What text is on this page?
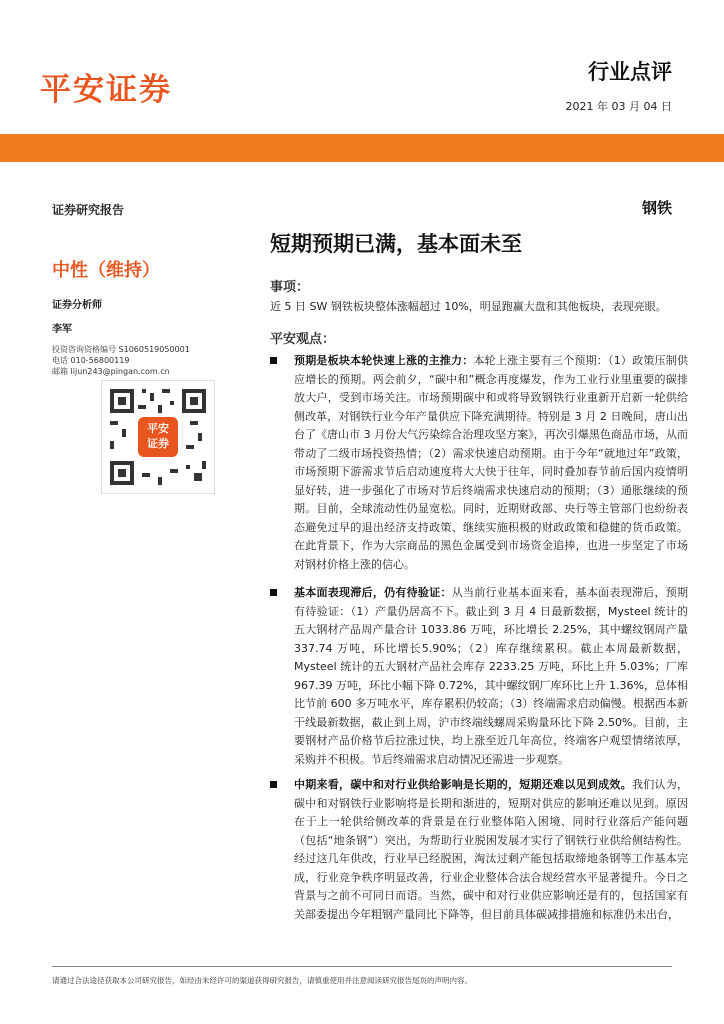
平安证券	行业点评
2021 年 03 月 04 日
证券研究报告	钢铁
中性（维持）
短期预期已满，基本面未至
证券分析师
李军
投资咨询资格编号 S1060519050001
电话 010-56800119
邮箱 lijun243@pingan.com.cn
平安
证券
事项：

近 5 日 SW 钢铁板块整体涨幅超过 10%，明显跑赢大盘和其他板块，表现亮眼。

平安观点：
预期是板块本轮快速上涨的主推力：本轮上涨主要有三个预期：（1）政策压制供应增长的预期。两会前夕，“碳中和”概念再度爆发，作为工业行业里重要的碳排放大户，受到市场关注。市场预期碳中和或将导致钢铁行业重新开启新一轮供给侧改革，对钢铁行业今年产量供应下降充满期待。特别是 3 月 2 日晚间，唐山出台了《唐山市 3 月份大气污染综合治理攻坚方案》，再次引爆黑色商品市场，从而带动了二级市场投资热情；（2）需求快速启动预期。由于今年“就地过年”政策，市场预期下游需求节后启动速度将大大快于往年，同时叠加春节前后国内疫情明显好转，进一步强化了市场对节后终端需求快速启动的预期；（3）通胀继续的预期。目前，全球流动性仍显宽松。同时，近期财政部、央行等主管部门也纷纷表态避免过早的退出经济支持政策、继续实施积极的财政政策和稳健的货币政策。在此背景下，作为大宗商品的黑色金属受到市场资金追捧，也进一步坚定了市场对钢材价格上涨的信心。
基本面表现滞后，仍有待验证：从当前行业基本面来看，基本面表现滞后，预期有待验证：（1）产量仍居高不下。截止到 3 月 4 日最新数据，Mysteel 统计的五大钢材产品周产量合计 1033.86 万吨，环比增长 2.25%，其中螺纹钢周产量 337.74 万吨，环比增长5.90%；（2）库存继续累积。截止本周最新数据，Mysteel 统计的五大钢材产品社会库存 2233.25 万吨，环比上升 5.03%；厂库 967.39 万吨，环比小幅下降 0.72%，其中螺纹钢厂库环比上升 1.36%，总体相比节前 600 多万吨水平，库存累积仍较高；（3）终端需求启动偏慢。根据西本新干线最新数据，截止到上周，沪市终端线螺周采购量环比下降 2.50%。目前，主要钢材产品价格节后拉涨过快，均上涨至近几年高位，终端客户观望情绪浓厚，采购并不积极。节后终端需求启动情况还需进一步观察。
中期来看，碳中和对行业供给影响是长期的，短期还难以见到成效。我们认为，碳中和对钢铁行业影响将是长期和渐进的，短期对供应的影响还难以见到。原因在于上一轮供给侧改革的背景是在行业整体陷入困境、同时行业落后产能问题（包括“地条钢”）突出，为帮助行业脱困发展才实行了钢铁行业供给侧结构性。经过这几年供改，行业早已经脱困，淘汰过剩产能包括取缔地条钢等工作基本完成，行业竞争秩序明显改善，行业企业整体合法合规经营水平显著提升。今日之背景与之前不可同日而语。当然，碳中和对行业供应影响还是有的，包括国家有关部委提出今年粗钢产量同比下降等，但目前具体碳减排措施和标准仍未出台，
请通过合法途径获取本公司研究报告，如经由未经许可的渠道获得研究报告，请慎重使用并注意阅读研究报告尾页的声明内容。
